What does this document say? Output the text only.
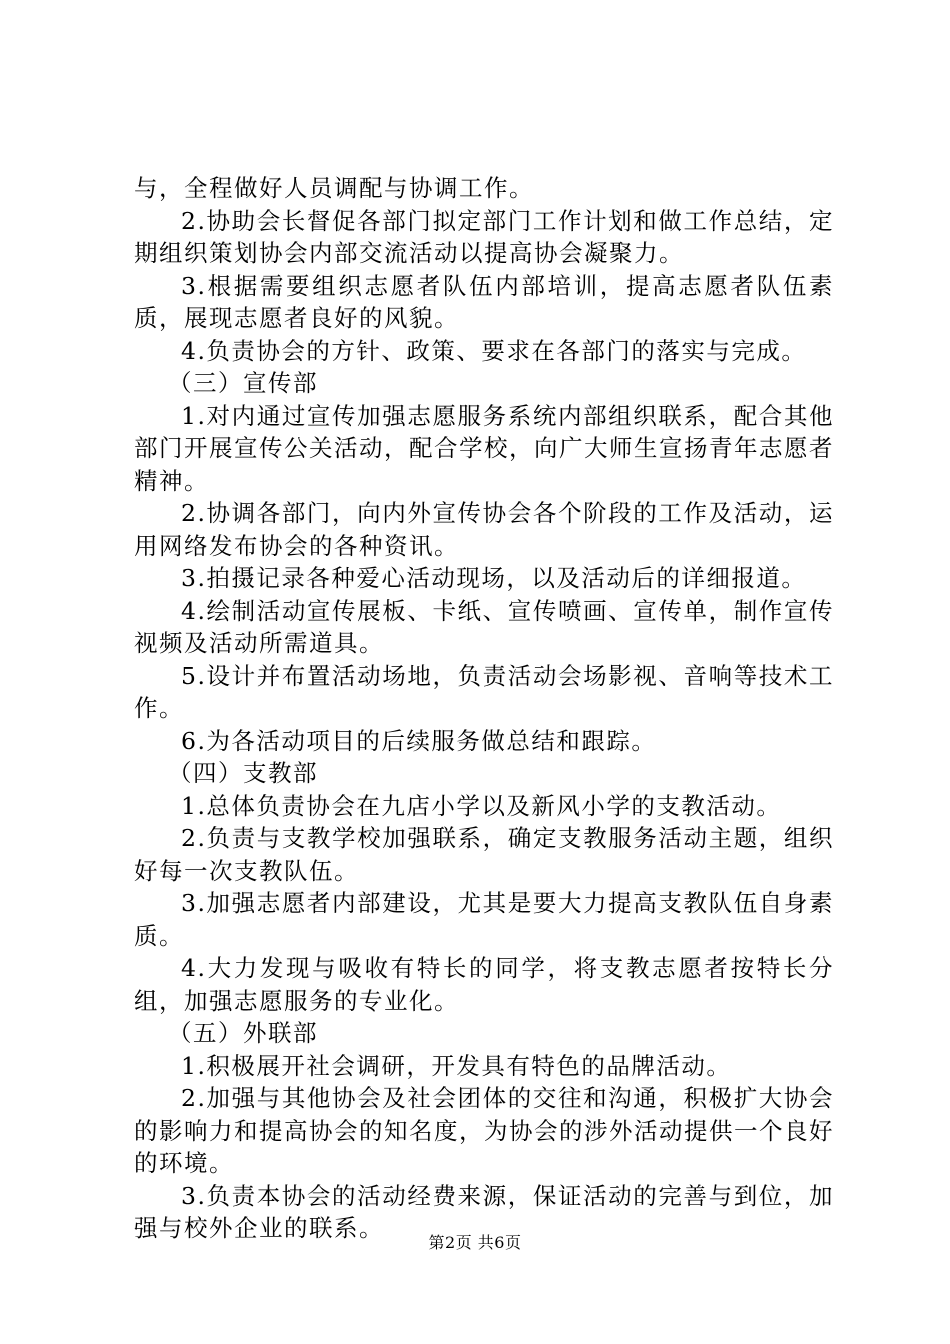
与，全程做好人员调配与协调工作。

2.协助会长督促各部门拟定部门工作计划和做工作总结，定期组织策划协会内部交流活动以提高协会凝聚力。

3.根据需要组织志愿者队伍内部培训，提高志愿者队伍素质，展现志愿者良好的风貌。

4.负责协会的方针、政策、要求在各部门的落实与完成。

（三）宣传部

1.对内通过宣传加强志愿服务系统内部组织联系，配合其他部门开展宣传公关活动，配合学校，向广大师生宣扬青年志愿者精神。

2.协调各部门，向内外宣传协会各个阶段的工作及活动，运用网络发布协会的各种资讯。

3.拍摄记录各种爱心活动现场，以及活动后的详细报道。

4.绘制活动宣传展板、卡纸、宣传喷画、宣传单，制作宣传视频及活动所需道具。

5.设计并布置活动场地，负责活动会场影视、音响等技术工作。

6.为各活动项目的后续服务做总结和跟踪。

（四）支教部

1.总体负责协会在九店小学以及新风小学的支教活动。

2.负责与支教学校加强联系，确定支教服务活动主题，组织好每一次支教队伍。

3.加强志愿者内部建设，尤其是要大力提高支教队伍自身素质。

4.大力发现与吸收有特长的同学，将支教志愿者按特长分组，加强志愿服务的专业化。

（五）外联部

1.积极展开社会调研，开发具有特色的品牌活动。

2.加强与其他协会及社会团体的交往和沟通，积极扩大协会的影响力和提高协会的知名度，为协会的涉外活动提供一个良好的环境。

3.负责本协会的活动经费来源，保证活动的完善与到位，加强与校外企业的联系。

第2页 共6页
